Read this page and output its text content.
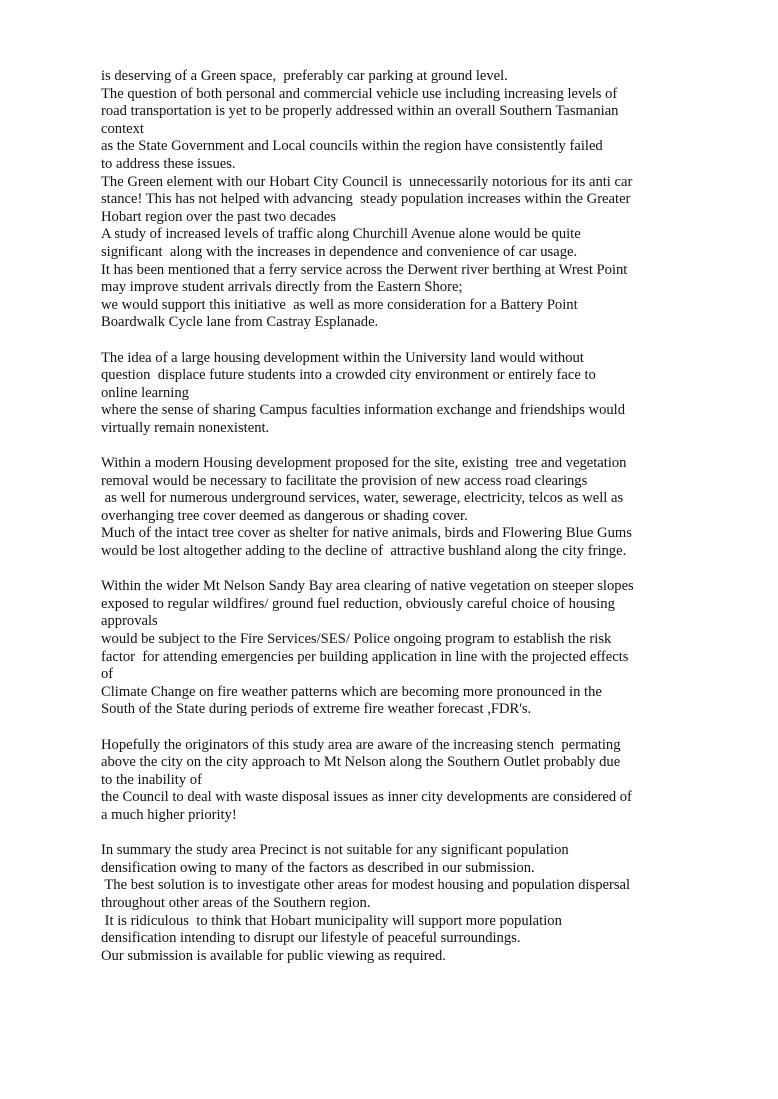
is deserving of a Green space,  preferably car parking at ground level.
The question of both personal and commercial vehicle use including increasing levels of
road transportation is yet to be properly addressed within an overall Southern Tasmanian
context
as the State Government and Local councils within the region have consistently failed
to address these issues.
The Green element with our Hobart City Council is  unnecessarily notorious for its anti car
stance! This has not helped with advancing  steady population increases within the Greater
Hobart region over the past two decades
A study of increased levels of traffic along Churchill Avenue alone would be quite
significant  along with the increases in dependence and convenience of car usage.
It has been mentioned that a ferry service across the Derwent river berthing at Wrest Point
may improve student arrivals directly from the Eastern Shore;
we would support this initiative  as well as more consideration for a Battery Point
Boardwalk Cycle lane from Castray Esplanade.

The idea of a large housing development within the University land would without
question  displace future students into a crowded city environment or entirely face to
online learning
where the sense of sharing Campus faculties information exchange and friendships would
virtually remain nonexistent.

Within a modern Housing development proposed for the site, existing  tree and vegetation
removal would be necessary to facilitate the provision of new access road clearings
as well for numerous underground services, water, sewerage, electricity, telcos as well as
overhanging tree cover deemed as dangerous or shading cover.
Much of the intact tree cover as shelter for native animals, birds and Flowering Blue Gums
would be lost altogether adding to the decline of  attractive bushland along the city fringe.

Within the wider Mt Nelson Sandy Bay area clearing of native vegetation on steeper slopes
exposed to regular wildfires/ ground fuel reduction, obviously careful choice of housing
approvals
would be subject to the Fire Services/SES/ Police ongoing program to establish the risk
factor  for attending emergencies per building application in line with the projected effects
of
Climate Change on fire weather patterns which are becoming more pronounced in the
South of the State during periods of extreme fire weather forecast ,FDR's.

Hopefully the originators of this study area are aware of the increasing stench  permating
above the city on the city approach to Mt Nelson along the Southern Outlet probably due
to the inability of
the Council to deal with waste disposal issues as inner city developments are considered of
a much higher priority!

In summary the study area Precinct is not suitable for any significant population
densification owing to many of the factors as described in our submission.
The best solution is to investigate other areas for modest housing and population dispersal
throughout other areas of the Southern region.
It is ridiculous  to think that Hobart municipality will support more population
densification intending to disrupt our lifestyle of peaceful surroundings.
Our submission is available for public viewing as required.
